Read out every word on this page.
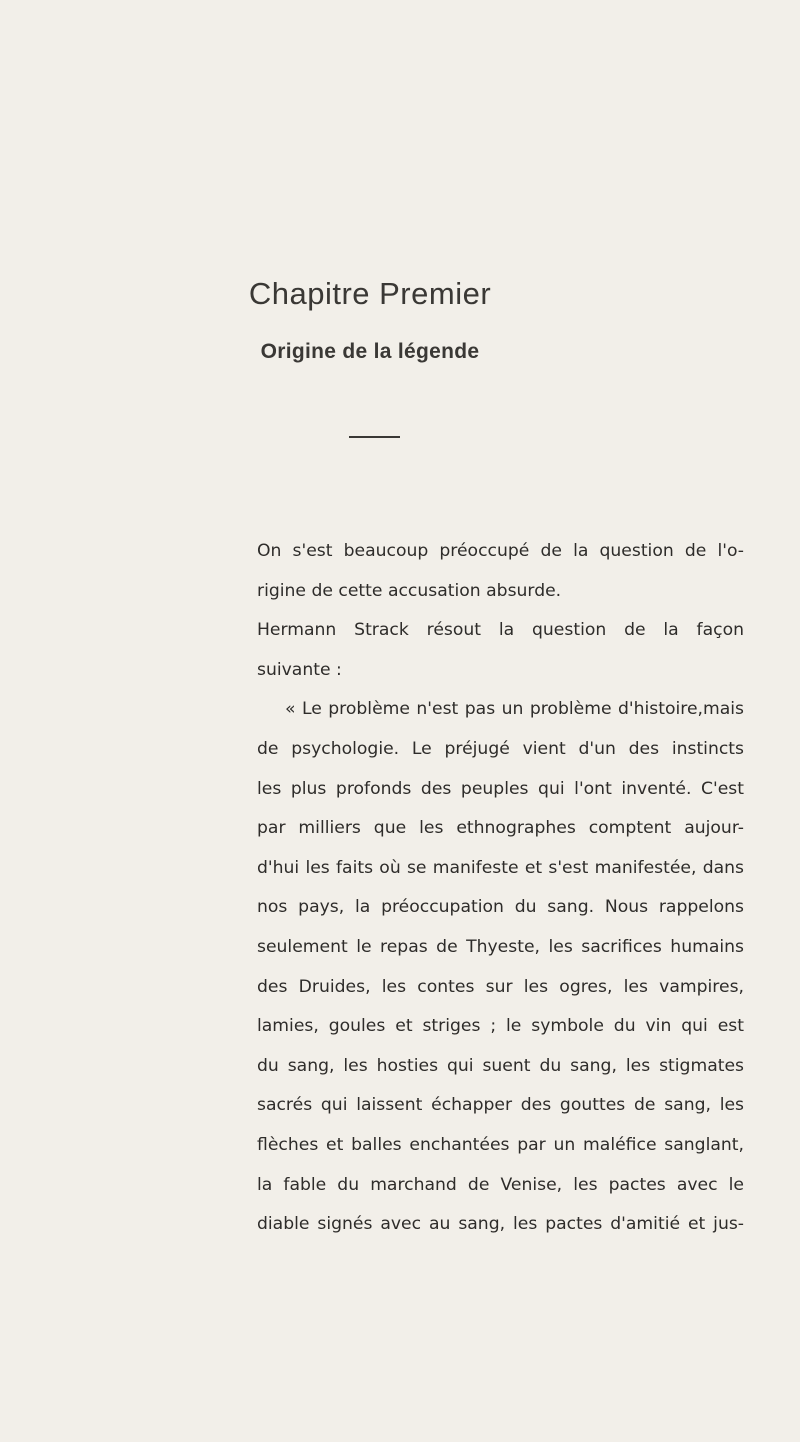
Chapitre Premier
Origine de la légende
On s'est beaucoup préoccupé de la question de l'o-
rigine de cette accusation absurde.
Hermann Strack résout la question de la façon
suivante :
« Le problème n'est pas un problème d'histoire,mais
de psychologie. Le préjugé vient d'un des instincts
les plus profonds des peuples qui l'ont inventé. C'est
par milliers que les ethnographes comptent aujour-
d'hui les faits où se manifeste et s'est manifestée, dans
nos pays, la préoccupation du sang. Nous rappelons
seulement le repas de Thyeste, les sacrifices humains
des Druides, les contes sur les ogres, les vampires,
lamies, goules et striges ; le symbole du vin qui est
du sang, les hosties qui suent du sang, les stigmates
sacrés qui laissent échapper des gouttes de sang, les
flèches et balles enchantées par un maléfice sanglant,
la fable du marchand de Venise, les pactes avec le
diable signés avec au sang, les pactes d'amitié et jus-
